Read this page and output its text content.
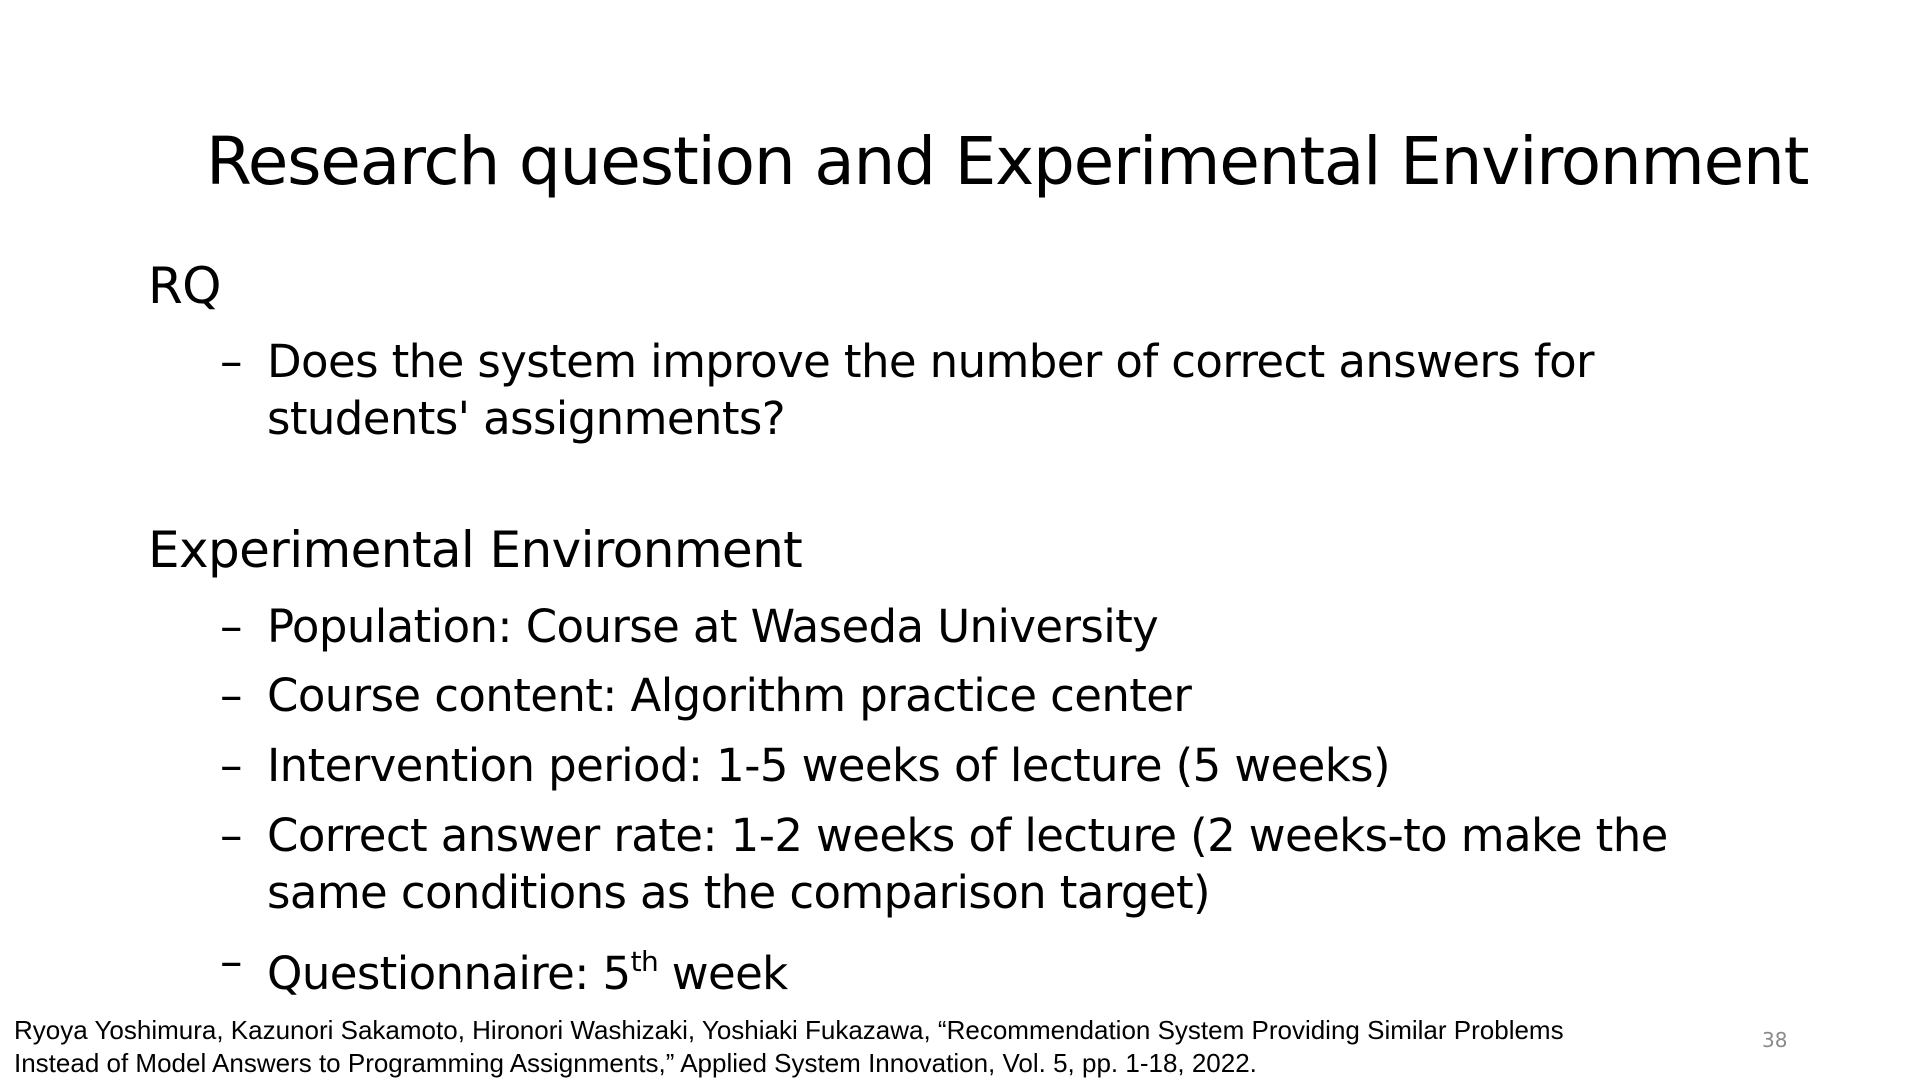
Research question and Experimental Environment
RQ
– Does the system improve the number of correct answers for students' assignments?
Experimental Environment
– Population: Course at Waseda University
– Course content: Algorithm practice center
– Intervention period: 1-5 weeks of lecture (5 weeks)
– Correct answer rate: 1-2 weeks of lecture (2 weeks-to make the same conditions as the comparison target)
– Questionnaire: 5th week
Ryoya Yoshimura, Kazunori Sakamoto, Hironori Washizaki, Yoshiaki Fukazawa, “Recommendation System Providing Similar Problems Instead of Model Answers to Programming Assignments,” Applied System Innovation, Vol. 5, pp. 1-18, 2022.
38
